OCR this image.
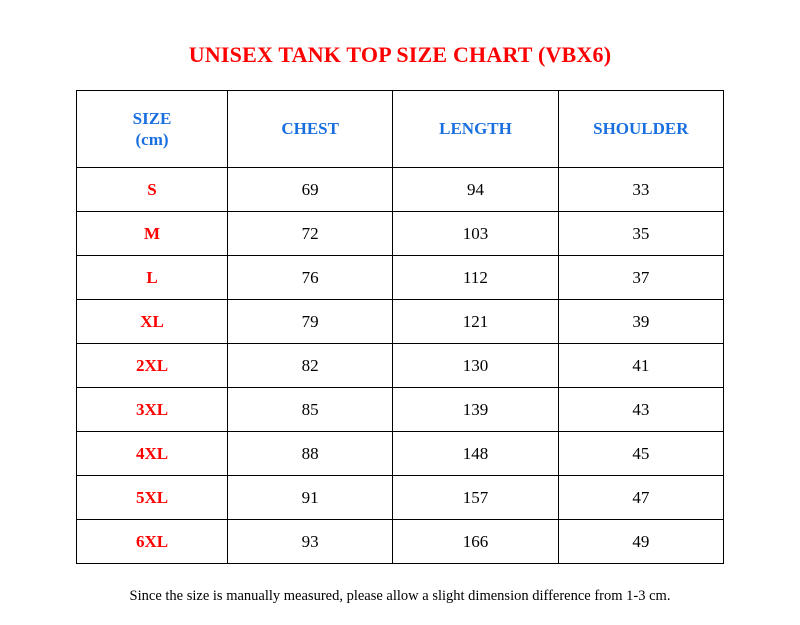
UNISEX TANK TOP SIZE CHART (VBX6)
SIZE
(cm)	CHEST	LENGTH	SHOULDER
S	69	94	33
M	72	103	35
L	76	112	37
XL	79	121	39
2XL	82	130	41
3XL	85	139	43
4XL	88	148	45
5XL	91	157	47
6XL	93	166	49
Since the size is manually measured, please allow a slight dimension difference from 1-3 cm.
